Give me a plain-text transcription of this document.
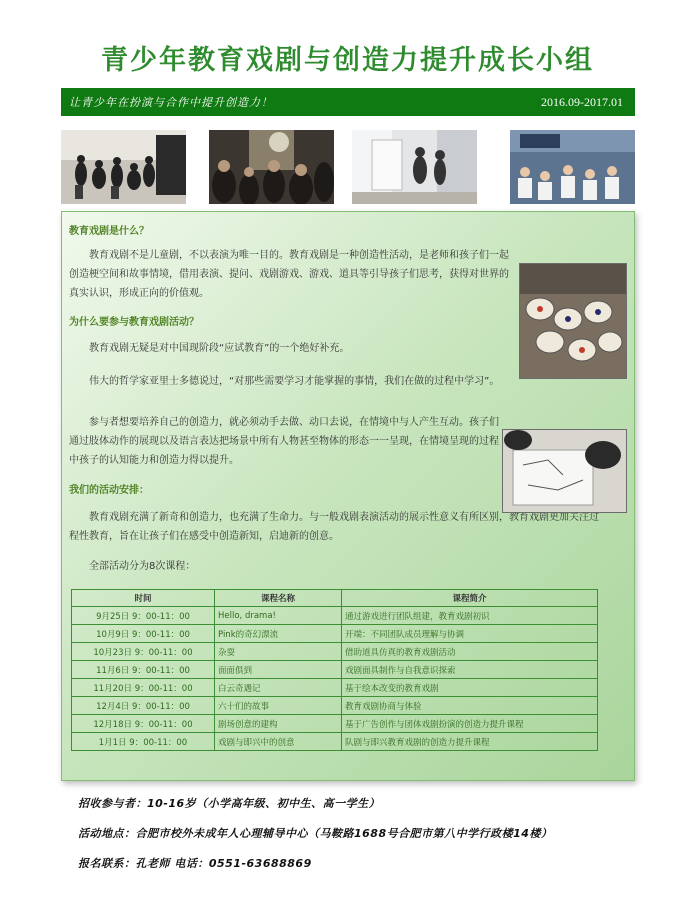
青少年教育戏剧与创造力提升成长小组
让青少年在扮演与合作中提升创造力！	2016.09-2017.01
教育戏剧是什么？
教育戏剧不是儿童剧，不以表演为唯一目的。教育戏剧是一种创造性活动，是老师和孩子们一起创造梗空间和故事情境，借用表演、提问、戏剧游戏、游戏、道具等引导孩子们思考，获得对世界的真实认识，形成正向的价值观。
为什么要参与教育戏剧活动？
教育戏剧无疑是对中国现阶段“应试教育”的一个绝好补充。
伟大的哲学家亚里士多德说过，“对那些需要学习才能掌握的事情，我们在做的过程中学习”。
参与者想要培养自己的创造力，就必须动手去做、动口去说，在情境中与人产生互动。孩子们通过肢体动作的展现以及语言表达把场景中所有人物甚至物体的形态一一呈现，在情境呈现的过程中孩子的认知能力和创造力得以提升。
我们的活动安排：
教育戏剧充满了新奇和创造力，也充满了生命力。与一般戏剧表演活动的展示性意义有所区别，教育戏剧更加关注过程性教育，旨在让孩子们在感受中创造新知，启迪新的创意。
全部活动分为8次课程：
时间	课程名称	课程简介
9月25日 9：00-11：00	Hello, drama!	通过游戏进行团队组建，教育戏剧初识
10月9日 9：00-11：00	Pink的奇幻漂流	开端：不同团队成员理解与协调
10月23日 9：00-11：00	杂耍	借助道具仿真的教育戏剧活动
11月6日 9：00-11：00	面面俱到	戏剧面具制作与自我意识探索
11月20日 9：00-11：00	白云奇遇记	基于绘本改变的教育戏剧
12月4日 9：00-11：00	六十们的故事	教育戏剧协商与体验
12月18日 9：00-11：00	剧场创意的建构	基于广告创作与团体戏剧扮演的创造力提升课程
1月1日 9：00-11：00	戏剧与即兴中的创意	队剧与即兴教育戏剧的创造力提升课程
招收参与者：10-16岁（小学高年级、初中生、高一学生）
活动地点：合肥市校外未成年人心理辅导中心（马鞍路1688号合肥市第八中学行政楼14楼）
报名联系：孔老师 电话：0551-63688869
